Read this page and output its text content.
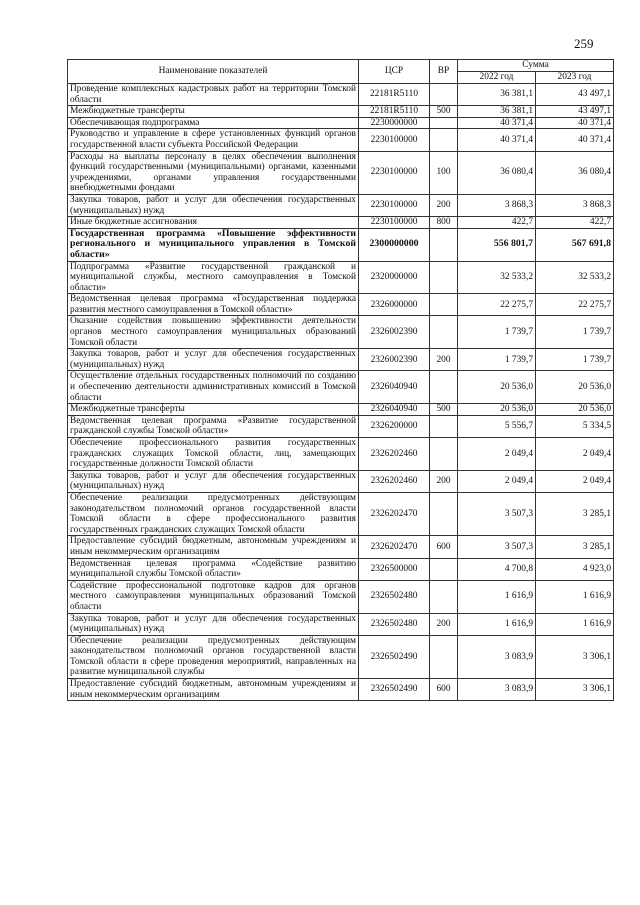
259
Наименование показателей	ЦСР	ВР	Сумма	
			2022 год	2023 год
Проведение комплексных кадастровых работ на территории Томской области	22181R5110		36 381,1	43 497,1
Межбюджетные трансферты	22181R5110	500	36 381,1	43 497,1
Обеспечивающая подпрограмма	2230000000		40 371,4	40 371,4
Руководство и управление в сфере установленных функций органов государственной власти субъекта Российской Федерации	2230100000		40 371,4	40 371,4
Расходы на выплаты персоналу в целях обеспечения выполнения функций государственными (муниципальными) органами, казенными учреждениями, органами управления государственными внебюджетными фондами	2230100000	100	36 080,4	36 080,4
Закупка товаров, работ и услуг для обеспечения государственных (муниципальных) нужд	2230100000	200	3 868,3	3 868,3
Иные бюджетные ассигнования	2230100000	800	422,7	422,7
Государственная программа «Повышение эффективности регионального и муниципального управления в Томской области»	2300000000		556 801,7	567 691,8
Подпрограмма «Развитие государственной гражданской и муниципальной службы, местного самоуправления в Томской области»	2320000000		32 533,2	32 533,2
Ведомственная целевая программа «Государственная поддержка развития местного самоуправления в Томской области»	2326000000		22 275,7	22 275,7
Оказание содействия повышению эффективности деятельности органов местного самоуправления муниципальных образований Томской области	2326002390		1 739,7	1 739,7
Закупка товаров, работ и услуг для обеспечения государственных (муниципальных) нужд	2326002390	200	1 739,7	1 739,7
Осуществление отдельных государственных полномочий по созданию и обеспечению деятельности административных комиссий в Томской области	2326040940		20 536,0	20 536,0
Межбюджетные трансферты	2326040940	500	20 536,0	20 536,0
Ведомственная целевая программа «Развитие государственной гражданской службы Томской области»	2326200000		5 556,7	5 334,5
Обеспечение профессионального развития государственных гражданских служащих Томской области, лиц, замещающих государственные должности Томской области	2326202460		2 049,4	2 049,4
Закупка товаров, работ и услуг для обеспечения государственных (муниципальных) нужд	2326202460	200	2 049,4	2 049,4
Обеспечение реализации предусмотренных действующим законодательством полномочий органов государственной власти Томской области в сфере профессионального развития государственных гражданских служащих Томской области	2326202470		3 507,3	3 285,1
Предоставление субсидий бюджетным, автономным учреждениям и иным некоммерческим организациям	2326202470	600	3 507,3	3 285,1
Ведомственная целевая программа «Содействие развитию муниципальной службы Томской области»	2326500000		4 700,8	4 923,0
Содействие профессиональной подготовке кадров для органов местного самоуправления муниципальных образований Томской области	2326502480		1 616,9	1 616,9
Закупка товаров, работ и услуг для обеспечения государственных (муниципальных) нужд	2326502480	200	1 616,9	1 616,9
Обеспечение реализации предусмотренных действующим законодательством полномочий органов государственной власти Томской области в сфере проведения мероприятий, направленных на развитие муниципальной службы	2326502490		3 083,9	3 306,1
Предоставление субсидий бюджетным, автономным учреждениям и иным некоммерческим организациям	2326502490	600	3 083,9	3 306,1
